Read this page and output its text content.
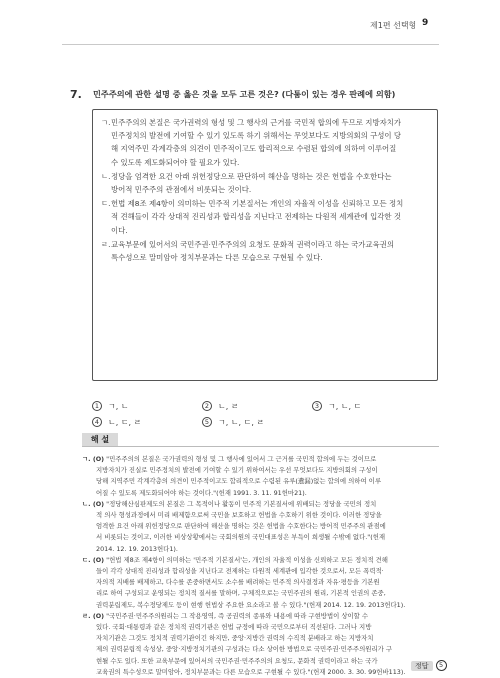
제1편 선택형 9
7. 민주주의에 관한 설명 중 옳은 것을 모두 고른 것은? (다툼이 있는 경우 판례에 의함)
ㄱ. 민주주의의 본질은 국가권력의 형성 및 그 행사의 근거를 국민적 합의에 두므로 지방자치가
민주정치의 발전에 기여할 수 있기 있도록 하기 위해서는 무엇보다도 지방의회의 구성이 당
해 지역주민 각계각층의 의견이 민주적이고도 합리적으로 수렴된 합의에 의하여 이루어질
수 있도록 제도화되어야 할 필요가 있다.
ㄴ. 정당을 엄격한 요건 아래 위헌정당으로 판단하여 해산을 명하는 것은 헌법을 수호한다는
방어적 민주주의 관점에서 비롯되는 것이다.
ㄷ. 헌법 제8조 제4항이 의미하는 민주적 기본질서는 개인의 자율적 이성을 신뢰하고 모든 정치
적 견해들이 각각 상대적 진리성과 합리성을 지닌다고 전제하는 다원적 세계관에 입각한 것
이다.
ㄹ. 교육부문에 있어서의 국민주권·민주주의의 요청도 문화적 권력이라고 하는 국가교육권의
특수성으로 말미암아 정치부문과는 다른 모습으로 구현될 수 있다.
1	ㄱ, ㄴ	2	ㄴ, ㄹ	3	ㄱ, ㄴ, ㄷ
4	ㄴ, ㄷ, ㄹ	5	ㄱ, ㄴ, ㄷ, ㄹ
해 설
ㄱ. (O) "민주주의의 본질은 국가권력의 형성 및 그 행사에 있어서 그 근거를 국민적 합의에 두는 것이므로
지방자치가 진실로 민주정치의 발전에 기여할 수 있기 위하여서는 우선 무엇보다도 지방의회의 구성이
당해 지역주민 각계각층의 의견이 민주적이고도 합리적으로 수렴된 유루(遺漏)없는 합의에 의하여 이루
어질 수 있도록 제도화되어야 하는 것이다."(헌재 1991. 3. 11. 91헌마21).
ㄴ. (O) "정당해산심판제도의 본질은 그 목적이나 활동이 민주적 기본질서에 위배되는 정당을 국민의 정치
적 의사 형성과정에서 미리 배제함으로써 국민을 보호하고 헌법을 수호하기 위한 것이다. 이러한 정당을
엄격한 요건 아래 위헌정당으로 판단하여 해산을 명하는 것은 헌법을 수호한다는 방어적 민주주의 관점에
서 비롯되는 것이고, 이러한 비상상황에서는 국회의원의 국민대표성은 부득이 희생될 수밖에 없다."(헌재
2014. 12. 19. 2013헌다1).
ㄷ. (O) "헌법 제8조 제4항이 의미하는 '민주적 기본질서'는, 개인의 자율적 이성을 신뢰하고 모든 정치적 견해
들이 각각 상대적 진리성과 합리성을 지닌다고 전제하는 다원적 세계관에 입각한 것으로서, 모든 폭력적·
자의적 지배를 배제하고, 다수를 존중하면서도 소수를 배려하는 민주적 의사결정과 자유·평등을 기본원
리로 하여 구성되고 운영되는 정치적 질서를 말하며, 구체적으로는 국민주권의 원리, 기본적 인권의 존중,
권력분립제도, 복수정당제도 등이 현행 헌법상 주요한 요소라고 볼 수 있다."(헌재 2014. 12. 19. 2013헌다1).
ㄹ. (O) "국민주권·민주주의원리는 그 작용영역, 즉 공권력의 종류와 내용에 따라 구현방법이 상이할 수
있다. 국회·대통령과 같은 정치적 권력기관은 헌법 규정에 따라 국민으로부터 직선된다. 그러나 지방
자치기관은 그것도 정치적 권력기관이긴 하지만, 중앙·지방간 권력의 수직적 분배라고 하는 지방자치
제의 권력분립적 속성상, 중앙·지방정치기관의 구성과는 다소 상이한 방법으로 국민주권·민주주의원리가 구
현될 수도 있다. 또한 교육부문에 있어서의 국민주권·민주주의의 요청도, 문화적 권력이라고 하는 국가
교육권의 특수성으로 말미암아, 정치부문과는 다른 모습으로 구현될 수 있다."(헌재 2000. 3. 30. 99헌바113).
정답	5
